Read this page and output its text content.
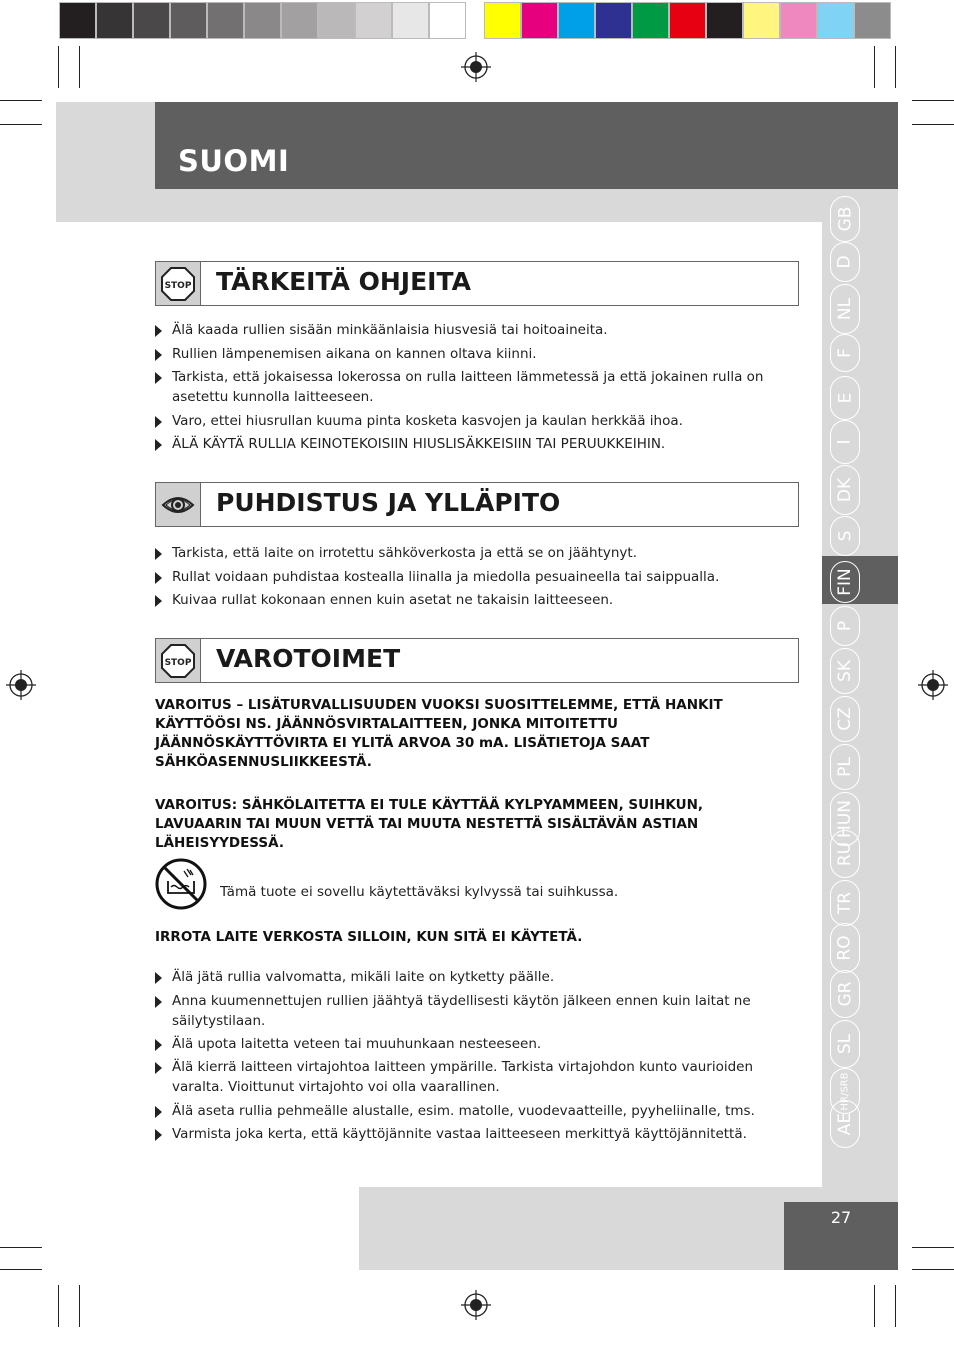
SUOMI
GB
D
NL
F
E
I
DK
S
FIN
P
SK
CZ
PL
HUN
RU
TR
RO
GR
SL
HR/SRB
AE
STOP TÄRKEITÄ OHJEITA
Älä kaada rullien sisään minkäänlaisia hiusvesiä tai hoitoaineita.
Rullien lämpenemisen aikana on kannen oltava kiinni.
Tarkista, että jokaisessa lokerossa on rulla laitteen lämmetessä ja että jokainen rulla on asetettu kunnolla laitteeseen.
Varo, ettei hiusrullan kuuma pinta kosketa kasvojen ja kaulan herkkää ihoa.
ÄLÄ KÄYTÄ RULLIA KEINOTEKOISIIN HIUSLISÄKKEISIIN TAI PERUUKKEIHIN.
PUHDISTUS JA YLLÄPITO
Tarkista, että laite on irrotettu sähköverkosta ja että se on jäähtynyt.
Rullat voidaan puhdistaa kostealla liinalla ja miedolla pesuaineella tai saippualla.
Kuivaa rullat kokonaan ennen kuin asetat ne takaisin laitteeseen.
STOP VAROTOIMET
VAROITUS – LISÄTURVALLISUUDEN VUOKSI SUOSITTELEMME, ETTÄ HANKIT KÄYTTÖÖSI NS. JÄÄNNÖSVIRTALAITTEEN, JONKA MITOITETTU JÄÄNNÖSKÄYTTÖVIRTA EI YLITÄ ARVOA 30 mA. LISÄTIETOJA SAAT SÄHKÖASENNUSLIIKKEESTÄ.
VAROITUS: SÄHKÖLAITETTA EI TULE KÄYTTÄÄ KYLPYAMMEEN, SUIHKUN, LAVUAARIN TAI MUUN VETTÄ TAI MUUTA NESTETTÄ SISÄLTÄVÄN ASTIAN LÄHEISYYDESSÄ.
Tämä tuote ei sovellu käytettäväksi kylvyssä tai suihkussa.
IRROTA LAITE VERKOSTA SILLOIN, KUN SITÄ EI KÄYTETÄ.
Älä jätä rullia valvomatta, mikäli laite on kytketty päälle.
Anna kuumennettujen rullien jäähtyä täydellisesti käytön jälkeen ennen kuin laitat ne säilytystilaan.
Älä upota laitetta veteen tai muuhunkaan nesteeseen.
Älä kierrä laitteen virtajohtoa laitteen ympärille. Tarkista virtajohdon kunto vaurioiden varalta. Vioittunut virtajohto voi olla vaarallinen.
Älä aseta rullia pehmeälle alustalle, esim. matolle, vuodevaatteille, pyyheliinalle, tms.
Varmista joka kerta, että käyttöjännite vastaa laitteeseen merkittyä käyttöjännitettä.
27
